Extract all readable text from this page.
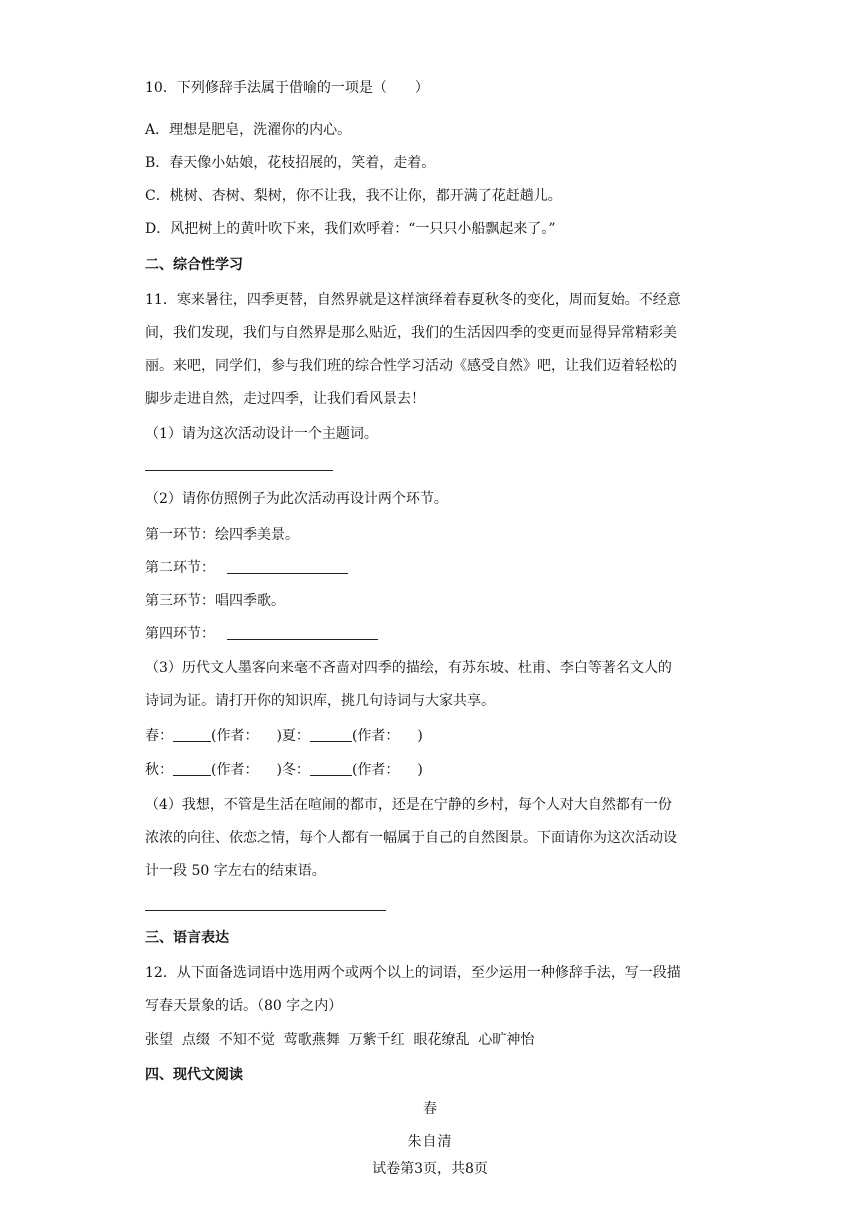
10．下列修辞手法属于借喻的一项是（　　）
A．理想是肥皂，洗濯你的内心。
B．春天像小姑娘，花枝招展的，笑着，走着。
C．桃树、杏树、梨树，你不让我，我不让你，都开满了花赶趟儿。
D．风把树上的黄叶吹下来，我们欢呼着：“一只只小船飘起来了。”
二、综合性学习
11．寒来暑往，四季更替，自然界就是这样演绎着春夏秋冬的变化，周而复始。不经意
间，我们发现，我们与自然界是那么贴近，我们的生活因四季的变更而显得异常精彩美
丽。来吧，同学们，参与我们班的综合性学习活动《感受自然》吧，让我们迈着轻松的
脚步走进自然，走过四季，让我们看风景去！
（1）请为这次活动设计一个主题词。
（2）请你仿照例子为此次活动再设计两个环节。
第一环节：绘四季美景。
第二环节：
第三环节：唱四季歌。
第四环节：
（3）历代文人墨客向来毫不吝啬对四季的描绘，有苏东坡、杜甫、李白等著名文人的
诗词为证。请打开你的知识库，挑几句诗词与大家共享。
春：	(作者： )夏：	(作者： )
秋：	(作者： )冬：	(作者： )
（4）我想，不管是生活在喧闹的都市，还是在宁静的乡村，每个人对大自然都有一份
浓浓的向往、依恋之情，每个人都有一幅属于自己的自然图景。下面请你为这次活动设
计一段 50 字左右的结束语。
三、语言表达
12．从下面备选词语中选用两个或两个以上的词语，至少运用一种修辞手法，写一段描
写春天景象的话。（80 字之内）
张望  点缀  不知不觉  莺歌燕舞  万紫千红  眼花缭乱  心旷神怡
四、现代文阅读
春
朱自清
试卷第3页，共8页
